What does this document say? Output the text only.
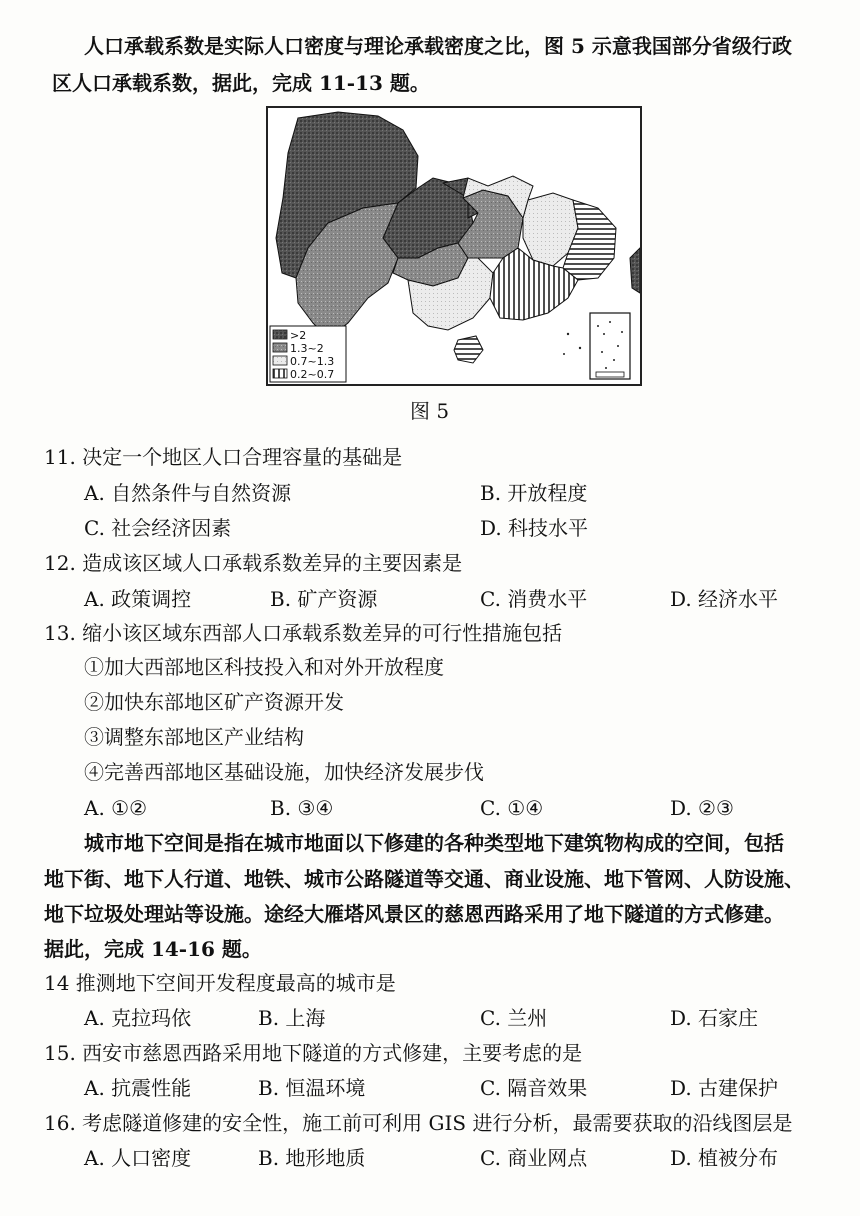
人口承载系数是实际人口密度与理论承载密度之比，图 5 示意我国部分省级行政
区人口承载系数，据此，完成 11-13 题。
>2
1.3~2
0.7~1.3
0.2~0.7
图 5
11. 决定一个地区人口合理容量的基础是
A. 自然条件与自然资源	B. 开放程度
C. 社会经济因素	D. 科技水平
12. 造成该区域人口承载系数差异的主要因素是
A. 政策调控	B. 矿产资源	C. 消费水平	D. 经济水平
13. 缩小该区域东西部人口承载系数差异的可行性措施包括
①加大西部地区科技投入和对外开放程度
②加快东部地区矿产资源开发
③调整东部地区产业结构
④完善西部地区基础设施，加快经济发展步伐
A. ①②	B. ③④	C. ①④	D. ②③
城市地下空间是指在城市地面以下修建的各种类型地下建筑物构成的空间，包括
地下街、地下人行道、地铁、城市公路隧道等交通、商业设施、地下管网、人防设施、
地下垃圾处理站等设施。途经大雁塔风景区的慈恩西路采用了地下隧道的方式修建。
据此，完成 14-16 题。
14 推测地下空间开发程度最高的城市是
A. 克拉玛依	B. 上海	C. 兰州	D. 石家庄
15. 西安市慈恩西路采用地下隧道的方式修建，主要考虑的是
A. 抗震性能	B. 恒温环境	C. 隔音效果	D. 古建保护
16. 考虑隧道修建的安全性，施工前可利用 GIS 进行分析，最需要获取的沿线图层是
A. 人口密度	B. 地形地质	C. 商业网点	D. 植被分布
